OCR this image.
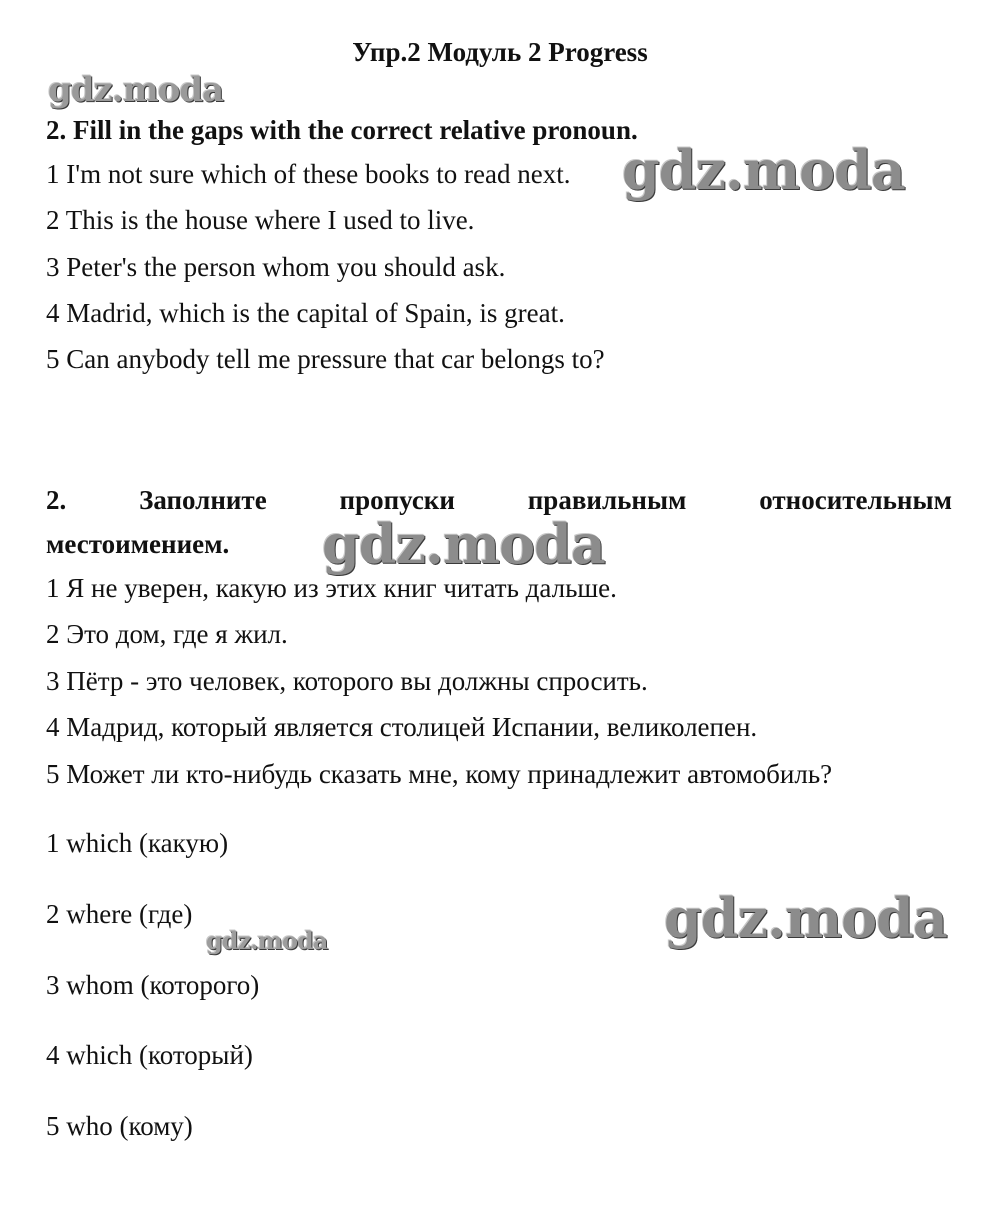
Упр.2 Модуль 2 Progress
2. Fill in the gaps with the correct relative pronoun.
1 I'm not sure which of these books to read next.
2 This is the house where I used to live.
3 Peter's the person whom you should ask.
4 Madrid, which is the capital of Spain, is great.
5 Can anybody tell me pressure that car belongs to?
2.	Заполните	пропуски	правильным	относительным
местоимением.
1 Я не уверен, какую из этих книг читать дальше.
2 Это дом, где я жил.
3 Пётр - это человек, которого вы должны спросить.
4 Мадрид, который является столицей Испании, великолепен.
5 Может ли кто-нибудь сказать мне, кому принадлежит автомобиль?
1 which (какую)
2 where (где)
3 whom (которого)
4 which (который)
5 who (кому)
gdz.moda
gdz.moda
gdz.moda
gdz.moda
gdz.moda
